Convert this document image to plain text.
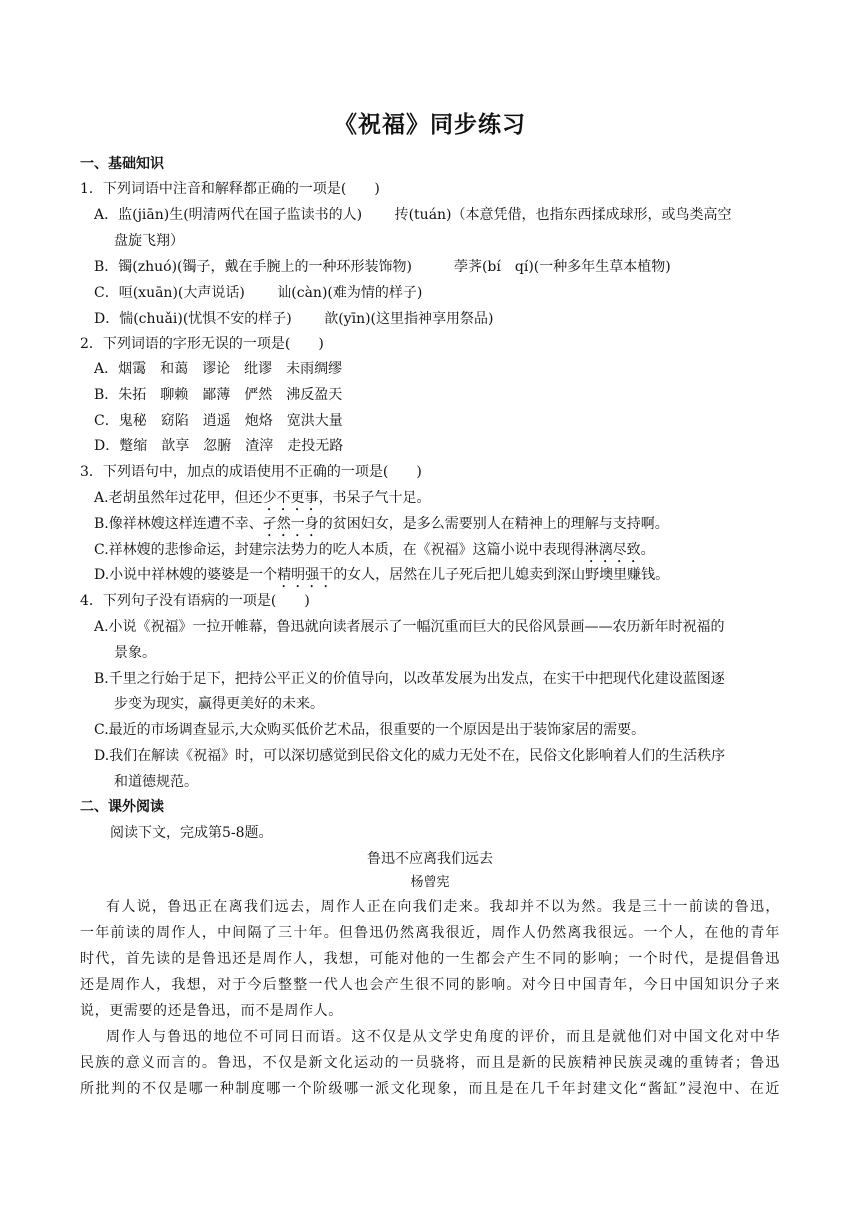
《祝福》同步练习
一、基础知识
1．下列词语中注音和解释都正确的一项是(　　)
A．监(jiān)生(明清两代在国子监读书的人)　　 抟(tuán)（本意凭借，也指东西揉成球形，或鸟类高空
盘旋飞翔）
B．镯(zhuó)(镯子，戴在手腕上的一种环形装饰物)　　　荸荠(bí　qí)(一种多年生草本植物)
C．咺(xuān)(大声说话)　　 讪(càn)(难为情的样子)
D．惴(chuǎi)(忧惧不安的样子)　　 歆(yīn)(这里指神享用祭品)
2．下列词语的字形无误的一项是(　　)
A．烟霭　和蔼　谬论　纰谬　未雨绸缪
B．朱拓　聊赖　鄙薄　俨然　沸反盈天
C．鬼秘　窈陷　逍遥　炮烙　宽洪大量
D．蹩缩　歆享　忽腑　渣滓　走投无路
3．下列语句中，加点的成语使用不正确的一项是(　　)
A.老胡虽然年过花甲，但还少不更事，书呆子气十足。
B.像祥林嫂这样连遭不幸、孑然一身的贫困妇女，是多么需要别人在精神上的理解与支持啊。
C.祥林嫂的悲惨命运，封建宗法势力的吃人本质，在《祝福》这篇小说中表现得淋漓尽致。
D.小说中祥林嫂的婆婆是一个精明强干的女人，居然在儿子死后把儿媳卖到深山野墺里赚钱。
4．下列句子没有语病的一项是(　　)
A.小说《祝福》一拉开帷幕，鲁迅就向读者展示了一幅沉重而巨大的民俗风景画——农历新年时祝福的
景象。
B.千里之行始于足下，把持公平正义的价值导向，以改革发展为出发点，在实干中把现代化建设蓝图逐
步变为现实，赢得更美好的未来。
C.最近的市场调查显示,大众购买低价艺术品，很重要的一个原因是出于装饰家居的需要。
D.我们在解读《祝福》时，可以深切感觉到民俗文化的威力无处不在，民俗文化影响着人们的生活秩序
和道德规范。
二、课外阅读
阅读下文，完成第5-8题。
鲁迅不应离我们远去
杨曾宪
有人说，鲁迅正在离我们远去，周作人正在向我们走来。我却并不以为然。我是三十一前读的鲁迅，
一年前读的周作人，中间隔了三十年。但鲁迅仍然离我很近，周作人仍然离我很远。一个人，在他的青年
时代，首先读的是鲁迅还是周作人，我想，可能对他的一生都会产生不同的影响；一个时代，是提倡鲁迅
还是周作人，我想，对于今后整整一代人也会产生很不同的影响。对今日中国青年，今日中国知识分子来
说，更需要的还是鲁迅，而不是周作人。
周作人与鲁迅的地位不可同日而语。这不仅是从文学史角度的评价，而且是就他们对中国文化对中华
民族的意义而言的。鲁迅，不仅是新文化运动的一员骁将，而且是新的民族精神民族灵魂的重铸者；鲁迅
所批判的不仅是哪一种制度哪一个阶级哪一派文化现象，而且是在几千年封建文化“酱缸”浸泡中、在近
